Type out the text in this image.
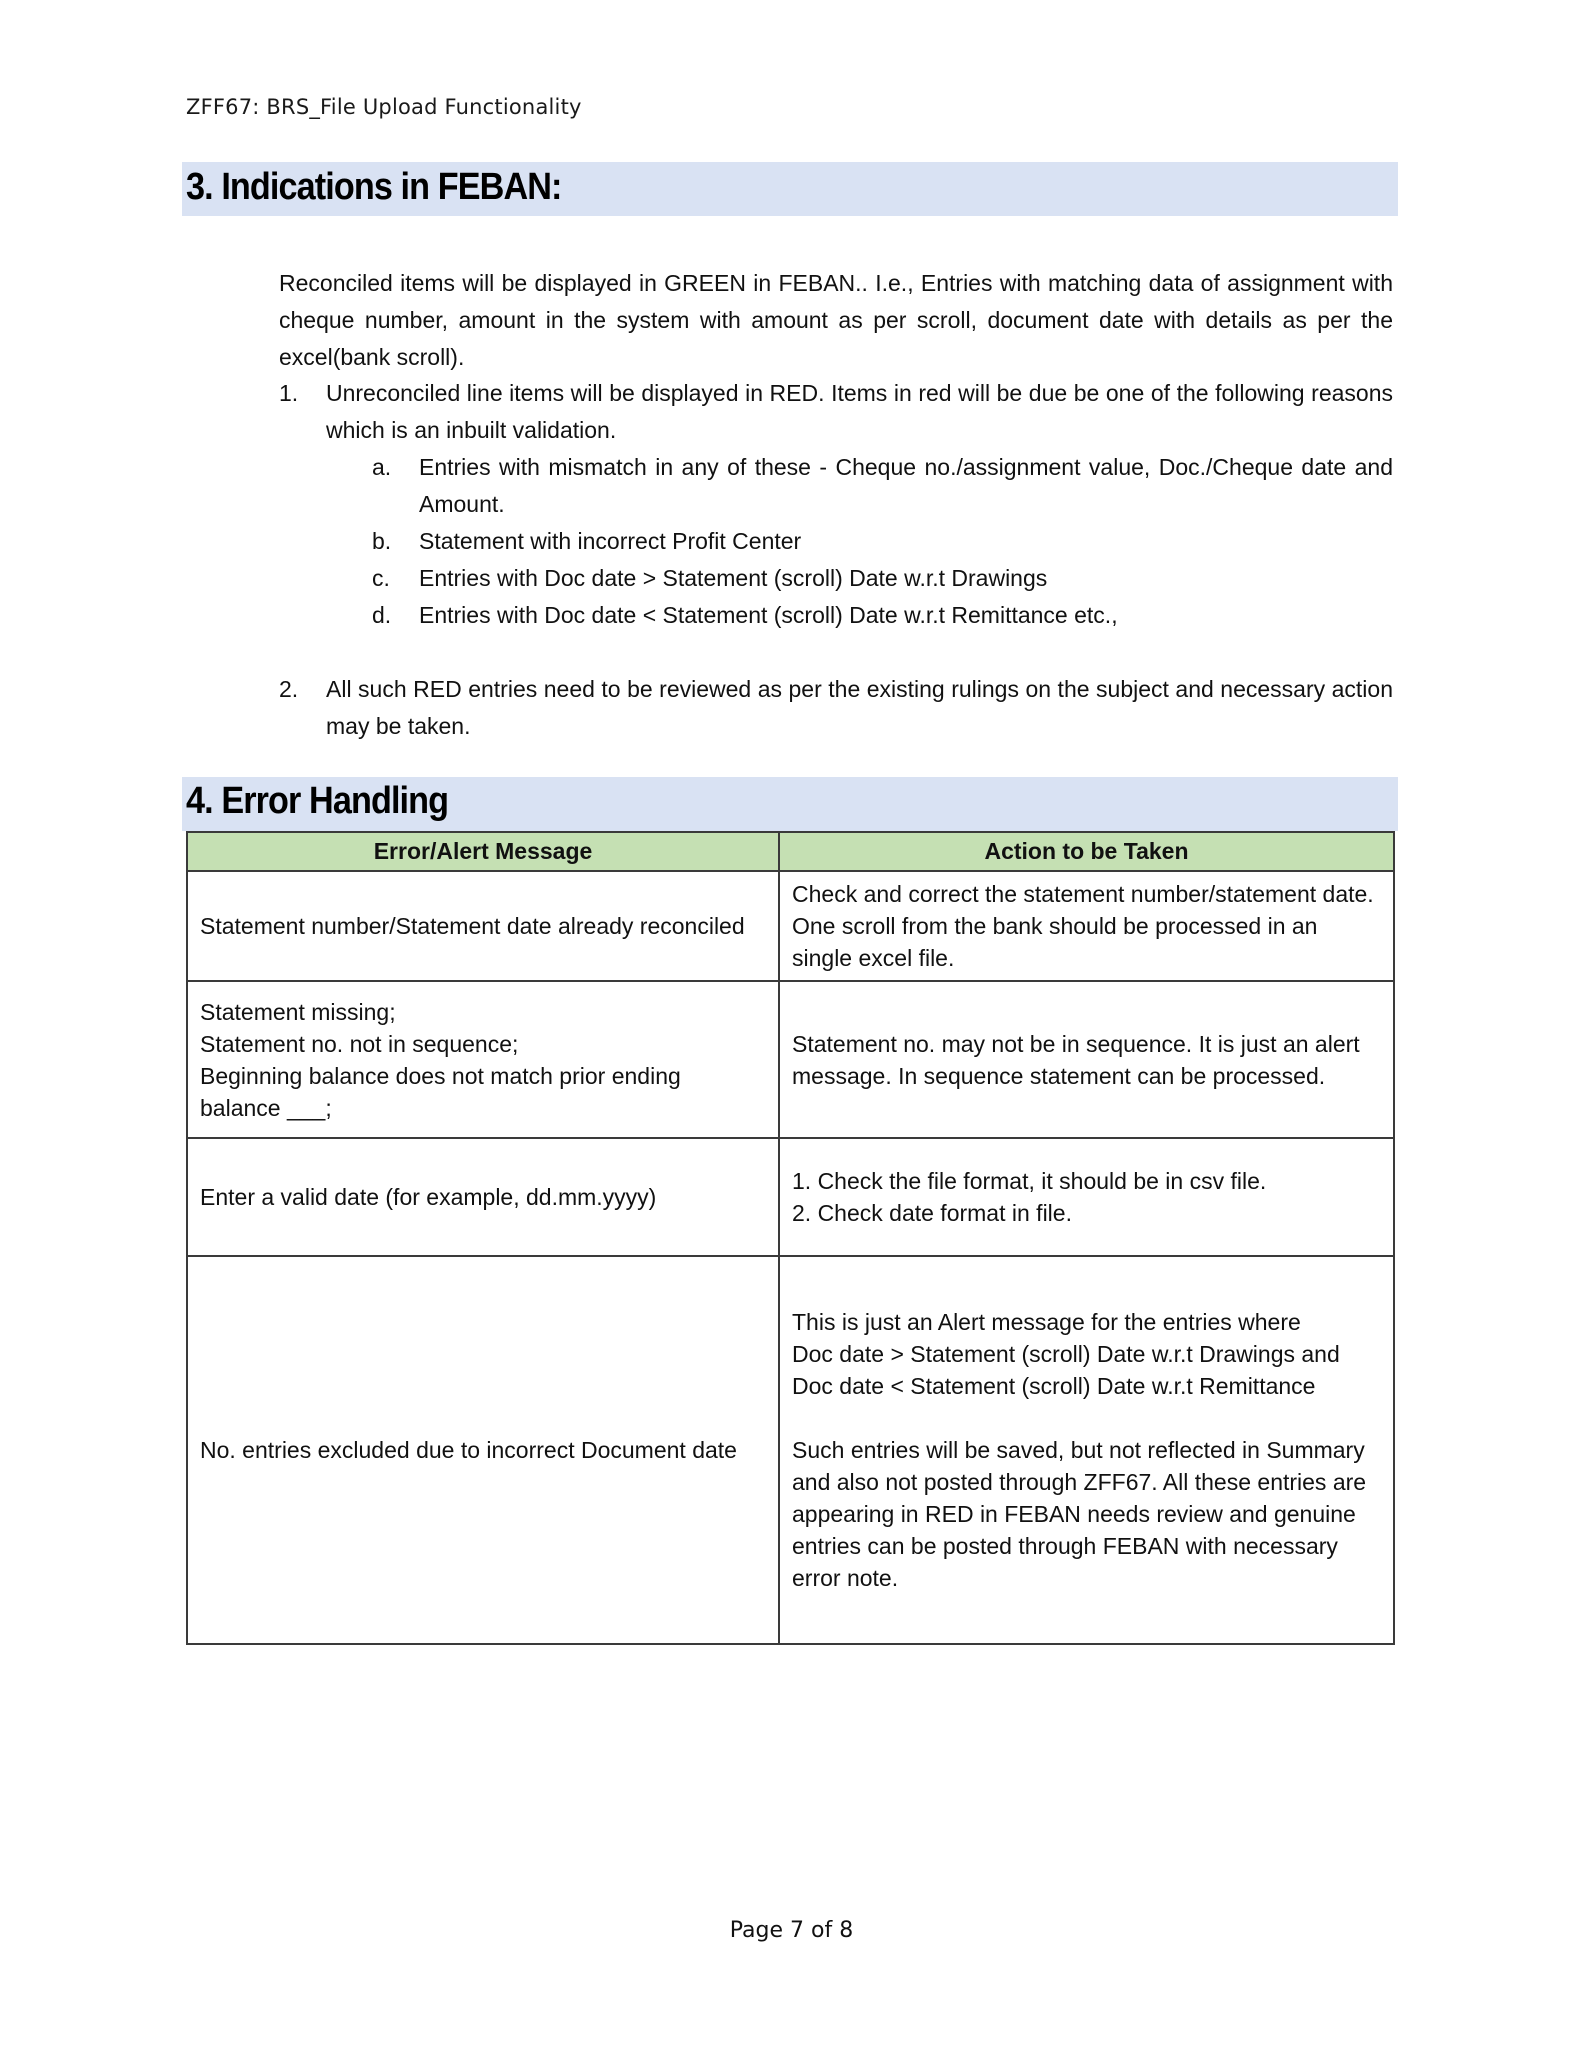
ZFF67: BRS_File Upload Functionality
3. Indications in FEBAN:
Reconciled items will be displayed in GREEN in FEBAN.. I.e., Entries with matching data of assignment with cheque number, amount in the system with amount as per scroll, document date with details as per the excel(bank scroll).
1. Unreconciled line items will be displayed in RED. Items in red will be due be one of the following reasons which is an inbuilt validation.
a. Entries with mismatch in any of these - Cheque no./assignment value, Doc./Cheque date and Amount.
b. Statement with incorrect Profit Center
c. Entries with Doc date > Statement (scroll) Date w.r.t Drawings
d. Entries with Doc date < Statement (scroll) Date w.r.t Remittance etc.,
2. All such RED entries need to be reviewed as per the existing rulings on the subject and necessary action may be taken.
4. Error Handling
Error/Alert Message	Action to be Taken

Statement number/Statement date already reconciled	Check and correct the statement number/statement date. One scroll from the bank should be processed in an single excel file.

Statement missing;
Statement no. not in sequence;
Beginning balance does not match prior ending balance ___;	Statement no. may not be in sequence. It is just an alert message. In sequence statement can be processed.

Enter a valid date (for example, dd.mm.yyyy)	1. Check the file format, it should be in csv file.
2. Check date format in file.

No. entries excluded due to incorrect Document date	This is just an Alert message for the entries where
Doc date > Statement (scroll) Date w.r.t Drawings and
Doc date < Statement (scroll) Date w.r.t Remittance
Such entries will be saved, but not reflected in Summary and also not posted through ZFF67. All these entries are appearing in RED in FEBAN needs review and genuine entries can be posted through FEBAN with necessary error note.
Page 7 of 8
